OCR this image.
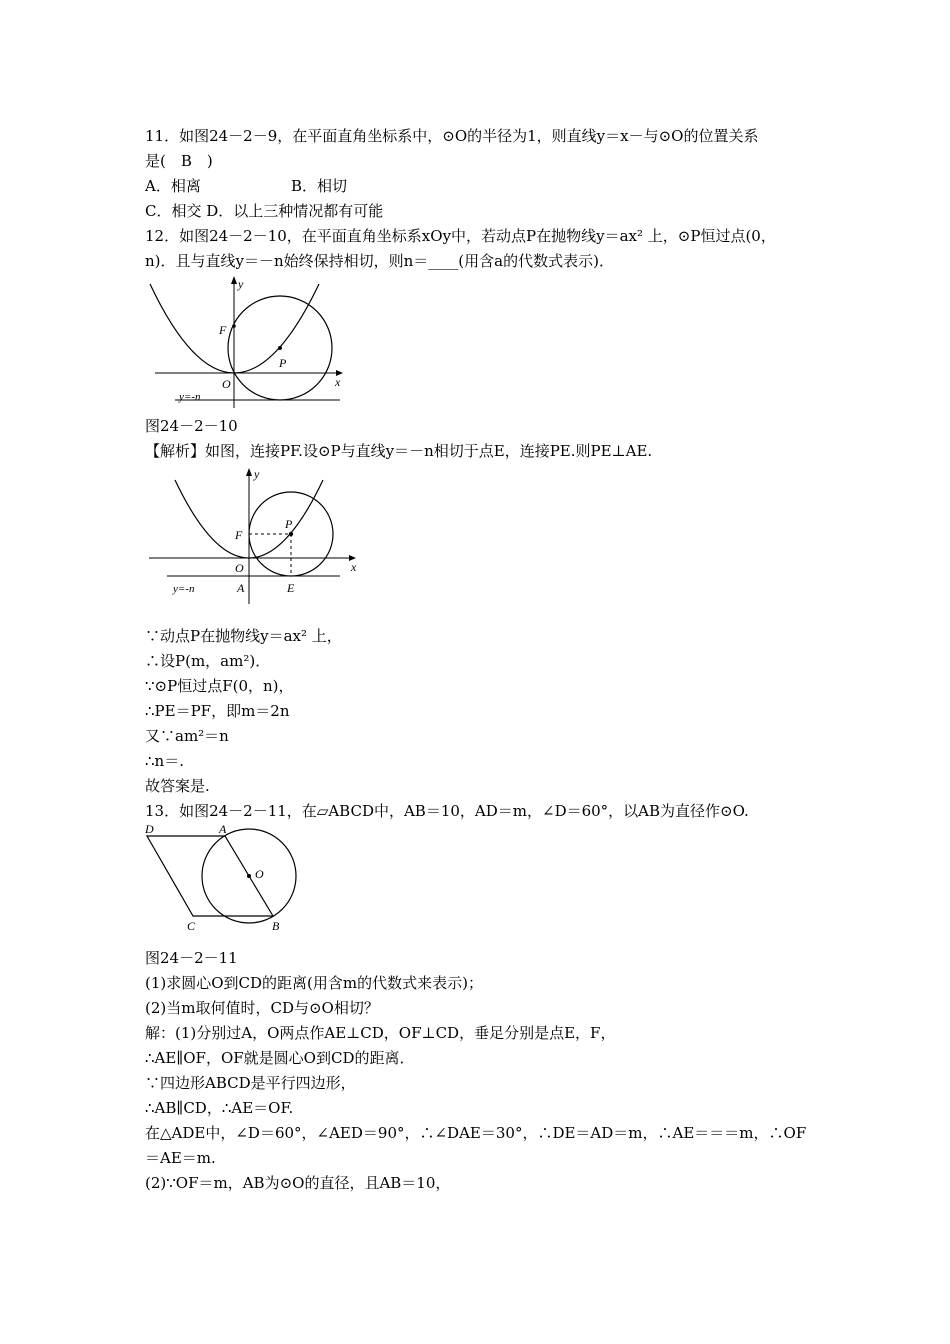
11．如图24－2－9，在平面直角坐标系中，⊙O的半径为1，则直线y＝x－与⊙O的位置关系

是(　B　)

A．相离	B．相切

C．相交 D．以上三种情况都有可能

12．如图24－2－10，在平面直角坐标系xOy中，若动点P在抛物线y＝ax² 上，⊙P恒过点(0，

n)．且与直线y＝－n始终保持相切，则n＝____(用含a的代数式表示)．

y
x
F
P
O
y=-n

图24－2－10

【解析】如图，连接PF.设⊙P与直线y＝－n相切于点E，连接PE.则PE⊥AE.

y
x
F
P
O
A	E
y=-n

∵动点P在抛物线y＝ax² 上，

∴设P(m，am²)．

∵⊙P恒过点F(0，n)，

∴PE＝PF，即m＝2n

又∵am²＝n

∴n＝.

故答案是.

13．如图24－2－11，在▱ABCD中，AB＝10，AD＝m，∠D＝60°，以AB为直径作⊙O.

D	A
O
C	B

图24－2－11

(1)求圆心O到CD的距离(用含m的代数式来表示)；

(2)当m取何值时，CD与⊙O相切？

解：(1)分别过A，O两点作AE⊥CD，OF⊥CD，垂足分别是点E，F，

∴AE∥OF，OF就是圆心O到CD的距离．

∵四边形ABCD是平行四边形，

∴AB∥CD，∴AE＝OF.

在△ADE中，∠D＝60°，∠AED＝90°，∴∠DAE＝30°，∴DE＝AD＝m，∴AE＝＝＝m，∴OF

＝AE＝m.

(2)∵OF＝m，AB为⊙O的直径，且AB＝10，
